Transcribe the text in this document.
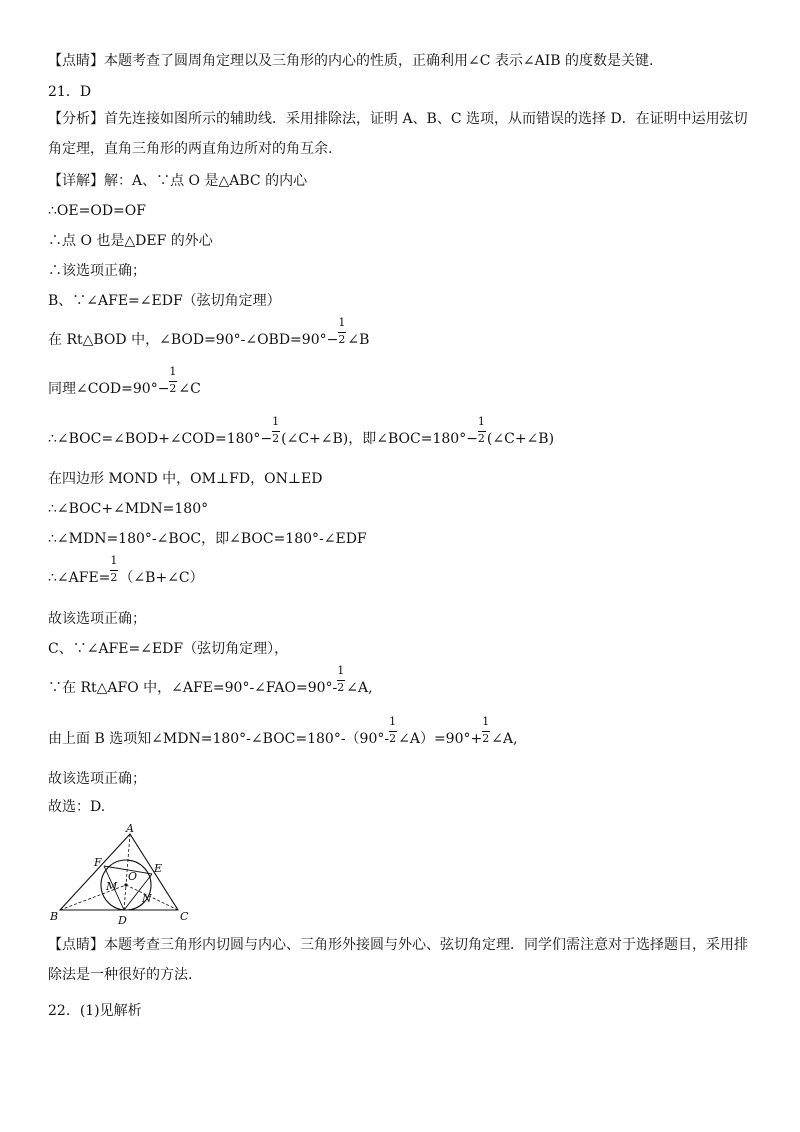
【点睛】本题考查了圆周角定理以及三角形的内心的性质，正确利用∠C 表示∠AIB 的度数是关键.
21．D
【分析】首先连接如图所示的辅助线．采用排除法，证明 A、B、C 选项，从而错误的选择 D．在证明中运用弦切角定理，直角三角形的两直角边所对的角互余.
【详解】解：A、∵点 O 是△ABC 的内心
∴OE=OD=OF
∴点 O 也是△DEF 的外心
∴该选项正确；
B、∵∠AFE=∠EDF（弦切角定理）
在 Rt△BOD 中，∠BOD=90°-∠OBD=90°− $\frac{1}{2}$ ∠B
同理∠COD=90°− $\frac{1}{2}$ ∠C
∴∠BOC=∠BOD+∠COD=180°− $\frac{1}{2}$ (∠C+∠B)，即∠BOC=180°− $\frac{1}{2}$ (∠C+∠B)
在四边形 MOND 中，OM⊥FD，ON⊥ED
∴∠BOC+∠MDN=180°
∴∠MDN=180°-∠BOC，即∠BOC=180°-∠EDF
∴∠AFE= $\frac{1}{2}$ （∠B+∠C）
故该选项正确；
C、∵∠AFE=∠EDF（弦切角定理），
∵在 Rt△AFO 中，∠AFE=90°-∠FAO=90°- $\frac{1}{2}$ ∠A,
由上面 B 选项知∠MDN=180°-∠BOC=180°-（90°- $\frac{1}{2}$ ∠A）=90°+ $\frac{1}{2}$ ∠A,
故该选项正确；
故选：D.
A
B	C
D
E
F
O
M
N
【点睛】本题考查三角形内切圆与内心、三角形外接圆与外心、弦切角定理．同学们需注意对于选择题目，采用排除法是一种很好的方法.
22．(1)见解析
